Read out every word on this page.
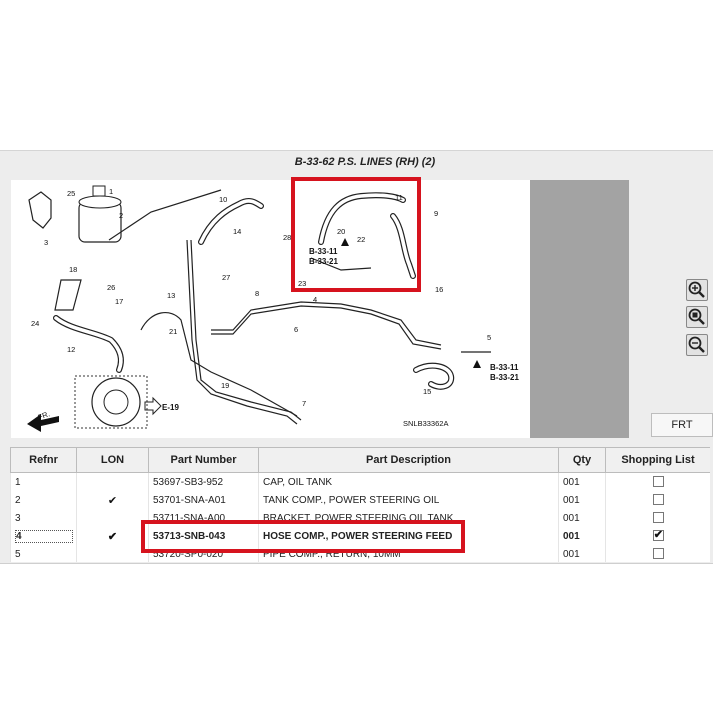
B-33-62 P.S. LINES (RH) (2)
1
2
3
4
5
6
7
8
9
10	11
12
13
14
15
16
17
18
19
20
21
22
23
24
25
26
27
28
E-19
B-33-11
B-33-21
B-33-11
B-33-21
FR.
SNLB33362A	FRT
Refnr	LON	Part Number	Part Description	Qty	Shopping List
1		53697-SB3-952	CAP, OIL TANK	001	
2	✔	53701-SNA-A01	TANK COMP., POWER STEERING OIL	001	
3		53711-SNA-A00	BRACKET, POWER STEERING OIL TANK	001	
4	✔	53713-SNB-043	HOSE COMP., POWER STEERING FEED	001	✔
5		53720-SP0-020	PIPE COMP., RETURN, 10MM	001	
